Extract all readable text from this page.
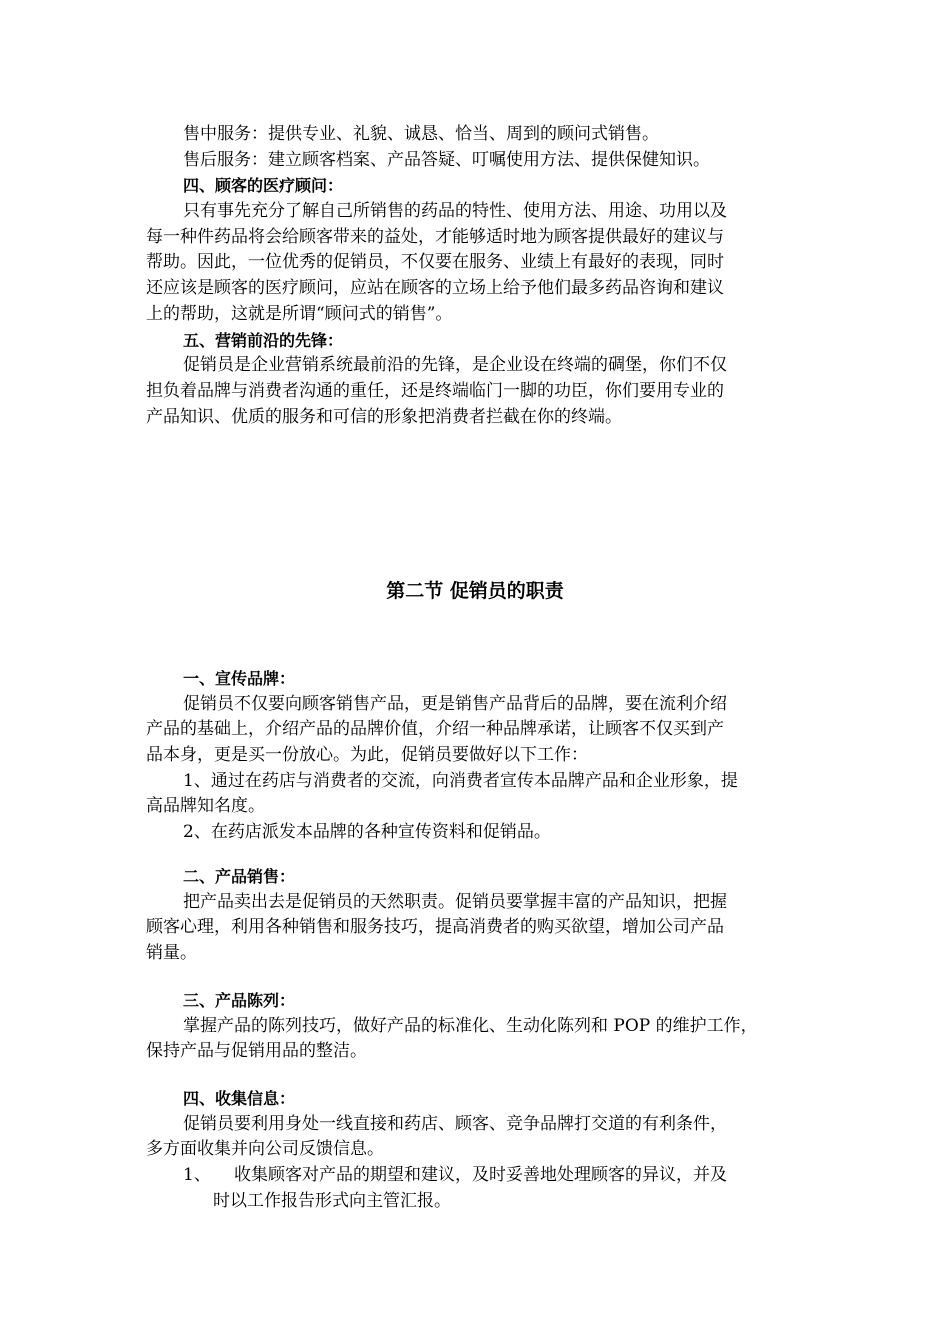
售中服务：提供专业、礼貌、诚恳、恰当、周到的顾问式销售。
售后服务：建立顾客档案、产品答疑、叮嘱使用方法、提供保健知识。
四、顾客的医疗顾问：
只有事先充分了解自己所销售的药品的特性、使用方法、用途、功用以及
每一种件药品将会给顾客带来的益处，才能够适时地为顾客提供最好的建议与
帮助。因此，一位优秀的促销员，不仅要在服务、业绩上有最好的表现，同时
还应该是顾客的医疗顾问，应站在顾客的立场上给予他们最多药品咨询和建议
上的帮助，这就是所谓“顾问式的销售”。
五、营销前沿的先锋：
促销员是企业营销系统最前沿的先锋，是企业设在终端的碉堡，你们不仅
担负着品牌与消费者沟通的重任，还是终端临门一脚的功臣，你们要用专业的
产品知识、优质的服务和可信的形象把消费者拦截在你的终端。
第二节 促销员的职责
一、宣传品牌：
促销员不仅要向顾客销售产品，更是销售产品背后的品牌，要在流利介绍
产品的基础上，介绍产品的品牌价值，介绍一种品牌承诺，让顾客不仅买到产
品本身，更是买一份放心。为此，促销员要做好以下工作：
1、通过在药店与消费者的交流，向消费者宣传本品牌产品和企业形象，提
高品牌知名度。
2、在药店派发本品牌的各种宣传资料和促销品。
二、产品销售：
把产品卖出去是促销员的天然职责。促销员要掌握丰富的产品知识，把握
顾客心理，利用各种销售和服务技巧，提高消费者的购买欲望，增加公司产品
销量。
三、产品陈列：
掌握产品的陈列技巧，做好产品的标准化、生动化陈列和 POP 的维护工作，
保持产品与促销用品的整洁。
四、收集信息：
促销员要利用身处一线直接和药店、顾客、竞争品牌打交道的有利条件，
多方面收集并向公司反馈信息。
1、 收集顾客对产品的期望和建议，及时妥善地处理顾客的异议，并及
时以工作报告形式向主管汇报。
